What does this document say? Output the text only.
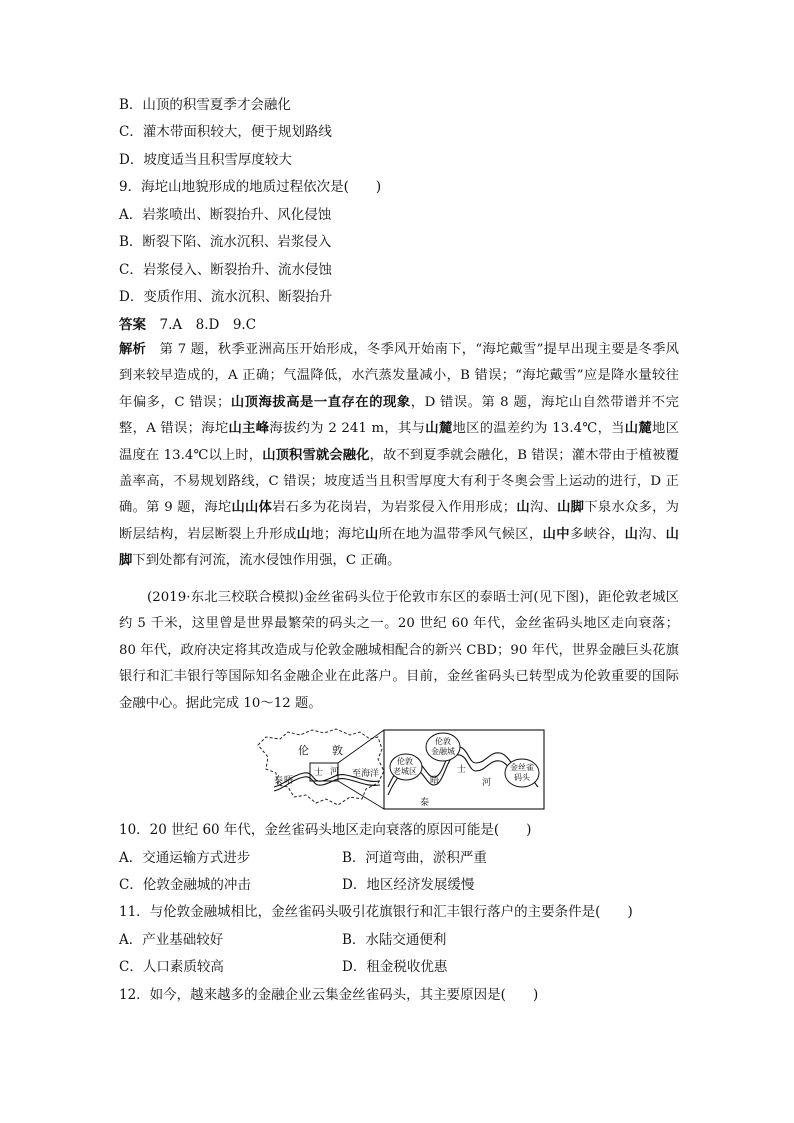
B．山顶的积雪夏季才会融化
C．灌木带面积较大，便于规划路线
D．坡度适当且积雪厚度较大
9．海坨山地貌形成的地质过程依次是(　　)
A．岩浆喷出、断裂抬升、风化侵蚀
B．断裂下陷、流水沉积、岩浆侵入
C．岩浆侵入、断裂抬升、流水侵蚀
D．变质作用、流水沉积、断裂抬升
答案　7.A　8.D　9.C
解析　第 7 题，秋季亚洲高压开始形成，冬季风开始南下，“海坨戴雪”提早出现主要是冬季风到来较早造成的，A 正确；气温降低，水汽蒸发量减小，B 错误；“海坨戴雪”应是降水量较往年偏多，C 错误；山顶海拔高是一直存在的现象，D 错误。第 8 题，海坨山自然带谱并不完整，A 错误；海坨山主峰海拔约为 2 241 m，其与山麓地区的温差约为 13.4℃，当山麓地区温度在 13.4℃以上时，山顶积雪就会融化，故不到夏季就会融化，B 错误；灌木带由于植被覆盖率高，不易规划路线，C 错误；坡度适当且积雪厚度大有利于冬奥会雪上运动的进行，D 正确。第 9 题，海坨山山体岩石多为花岗岩，为岩浆侵入作用形成；山沟、山脚下泉水众多，为断层结构，岩层断裂上升形成山地；海坨山所在地为温带季风气候区，山中多峡谷，山沟、山脚下到处都有河流，流水侵蚀作用强，C 正确。
(2019·东北三校联合模拟)金丝雀码头位于伦敦市东区的泰晤士河(见下图)，距伦敦老城区约 5 千米，这里曾是世界最繁荣的码头之一。20 世纪 60 年代，金丝雀码头地区走向衰落；80 年代，政府决定将其改造成与伦敦金融城相配合的新兴 CBD；90 年代，世界金融巨头花旗银行和汇丰银行等国际知名金融企业在此落户。目前，金丝雀码头已转型成为伦敦重要的国际金融中心。据此完成 10～12 题。
伦 敦
泰 晤
士 河 至海洋
伦敦
老城区
伦敦
金融城
金丝雀
码头
泰
晤
士
河
10．20 世纪 60 年代，金丝雀码头地区走向衰落的原因可能是(　　)
A．交通运输方式进步	B．河道弯曲，淤积严重
C．伦敦金融城的冲击	D．地区经济发展缓慢
11．与伦敦金融城相比，金丝雀码头吸引花旗银行和汇丰银行落户的主要条件是(　　)
A．产业基础较好	B．水陆交通便利
C．人口素质较高	D．租金税收优惠
12．如今，越来越多的金融企业云集金丝雀码头，其主要原因是(　　)
